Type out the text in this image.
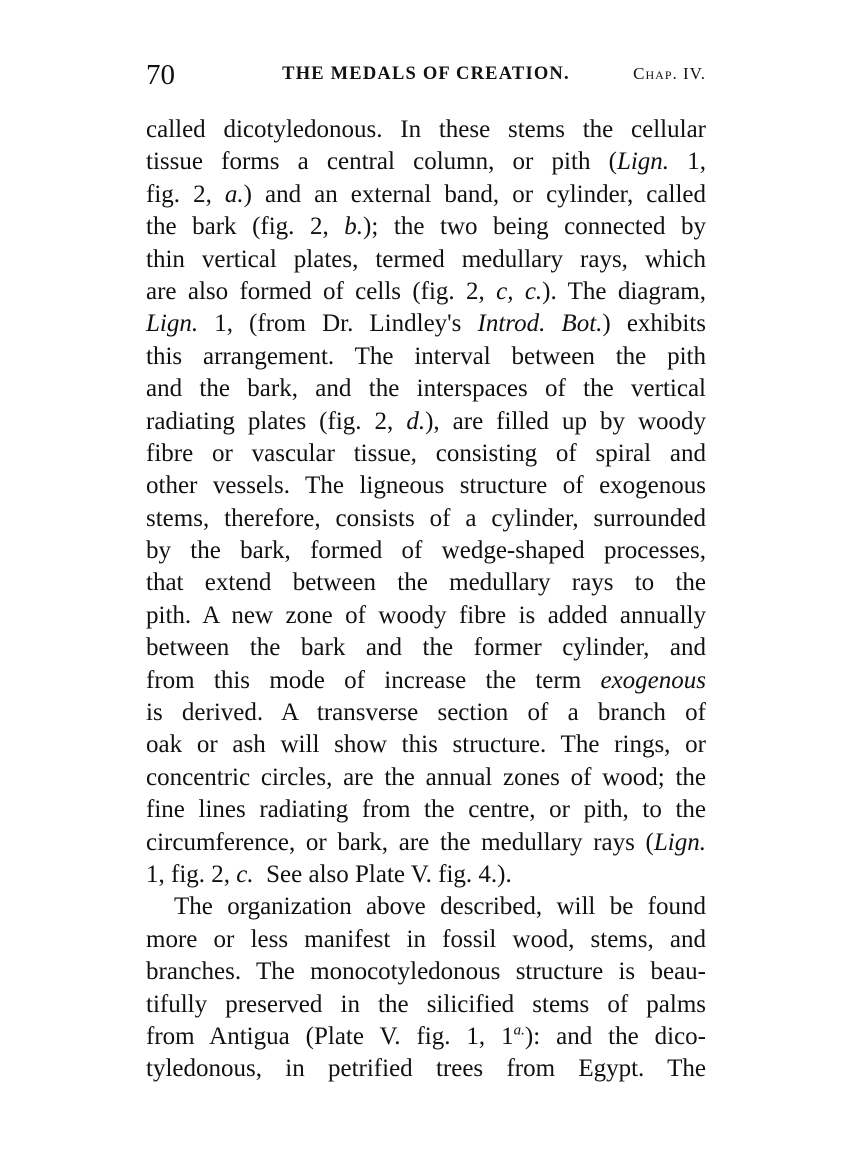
70	THE MEDALS OF CREATION.	Chap. IV.
called dicotyledonous. In these stems the cellular
tissue forms a central column, or pith (Lign. 1,
fig. 2, a.) and an external band, or cylinder, called
the bark (fig. 2, b.); the two being connected by
thin vertical plates, termed medullary rays, which
are also formed of cells (fig. 2, c, c.). The diagram,
Lign. 1, (from Dr. Lindley's Introd. Bot.) exhibits
this arrangement. The interval between the pith
and the bark, and the interspaces of the vertical
radiating plates (fig. 2, d.), are filled up by woody
fibre or vascular tissue, consisting of spiral and
other vessels. The ligneous structure of exogenous
stems, therefore, consists of a cylinder, surrounded
by the bark, formed of wedge-shaped processes,
that extend between the medullary rays to the
pith. A new zone of woody fibre is added annually
between the bark and the former cylinder, and
from this mode of increase the term exogenous
is derived. A transverse section of a branch of
oak or ash will show this structure. The rings, or
concentric circles, are the annual zones of wood; the
fine lines radiating from the centre, or pith, to the
circumference, or bark, are the medullary rays (Lign.
1, fig. 2, c.  See also Plate V. fig. 4.).
The organization above described, will be found
more or less manifest in fossil wood, stems, and
branches. The monocotyledonous structure is beau-
tifully preserved in the silicified stems of palms
from Antigua (Plate V. fig. 1, $1^{a.}$): and the dico-
tyledonous, in petrified trees from Egypt. The
